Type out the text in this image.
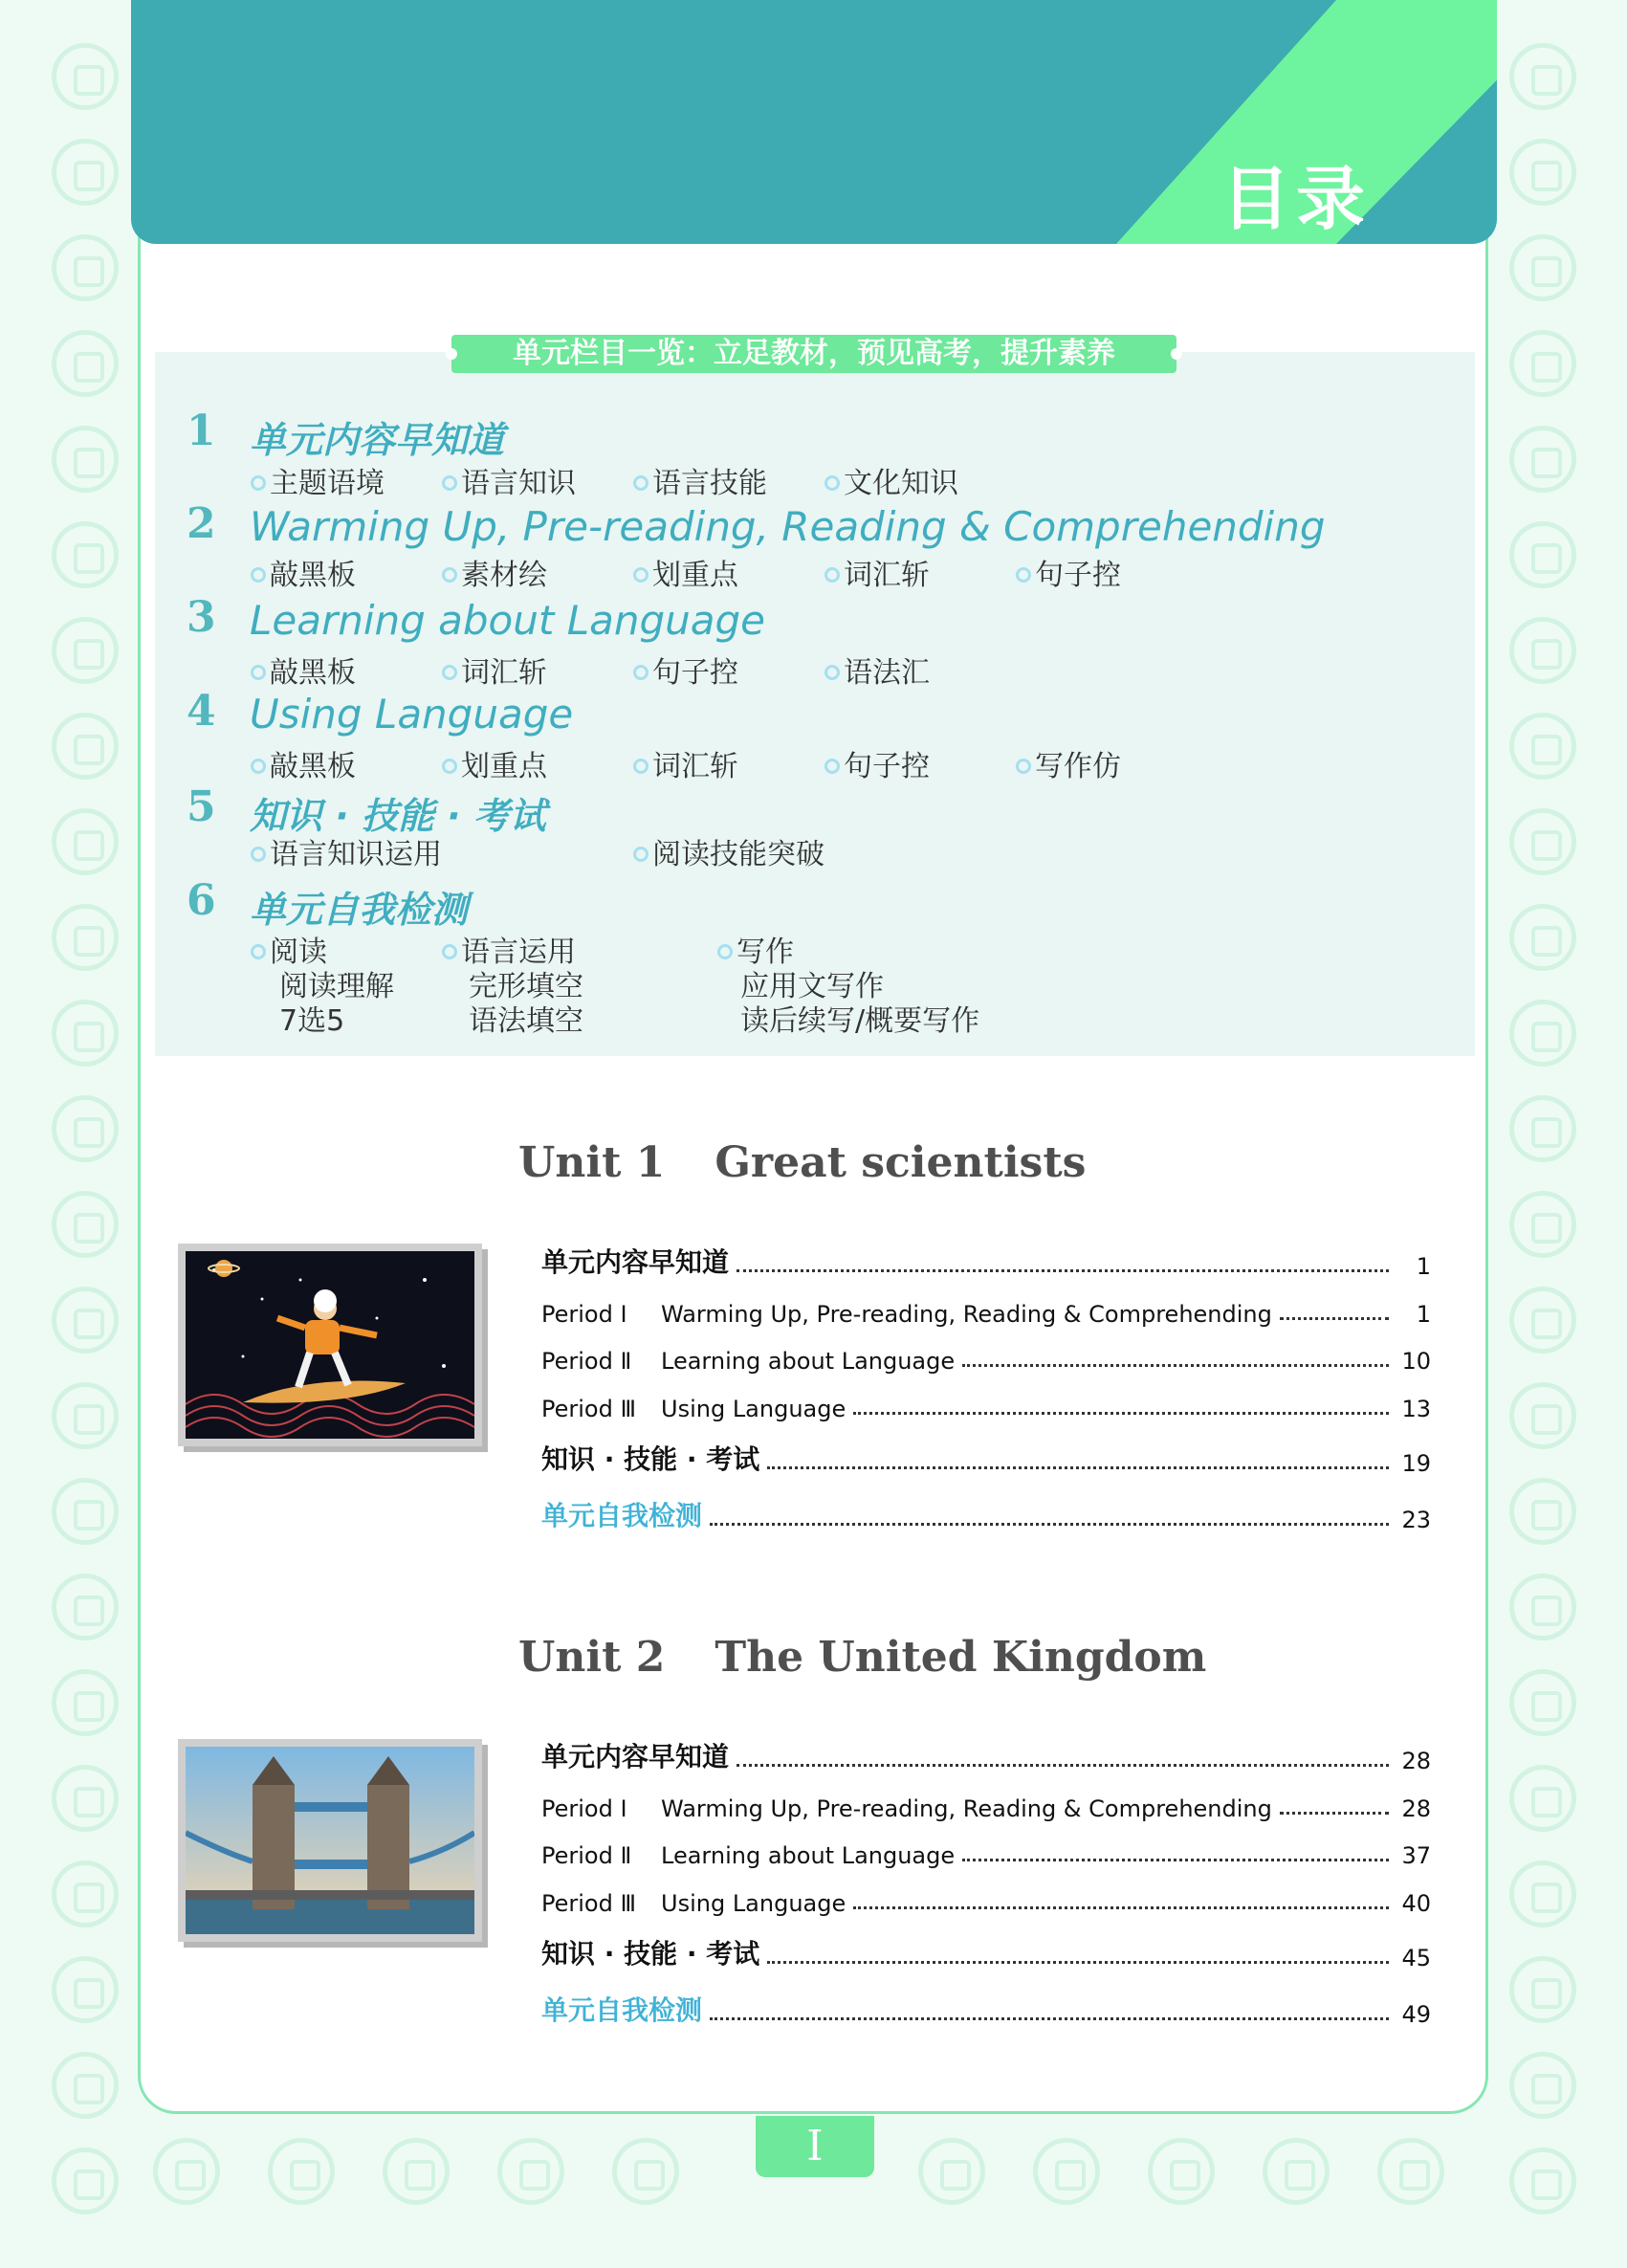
目录
单元栏目一览：立足教材，预见高考，提升素养
1 单元内容早知道
主题语境	语言知识	语言技能	文化知识
2 Warming Up, Pre-reading, Reading & Comprehending
敲黑板	素材绘	划重点	词汇斩	句子控
3 Learning about Language
敲黑板	词汇斩	句子控	语法汇
4 Using Language
敲黑板	划重点	词汇斩	句子控	写作仿
5 知识 · 技能 · 考试
语言知识运用	阅读技能突破
6 单元自我检测
阅读
阅读理解
7选5
语言运用
完形填空
语法填空
写作
应用文写作
读后续写/概要写作
Unit 1 Great scientists
单元内容早知道	1
Period Ⅰ	Warming Up, Pre-reading, Reading & Comprehending	1
Period Ⅱ	Learning about Language	10
Period Ⅲ	Using Language	13
知识 · 技能 · 考试	19
单元自我检测	23
Unit 2 The United Kingdom
单元内容早知道	28
Period Ⅰ	Warming Up, Pre-reading, Reading & Comprehending	28
Period Ⅱ	Learning about Language	37
Period Ⅲ	Using Language	40
知识 · 技能 · 考试	45
单元自我检测	49
I
